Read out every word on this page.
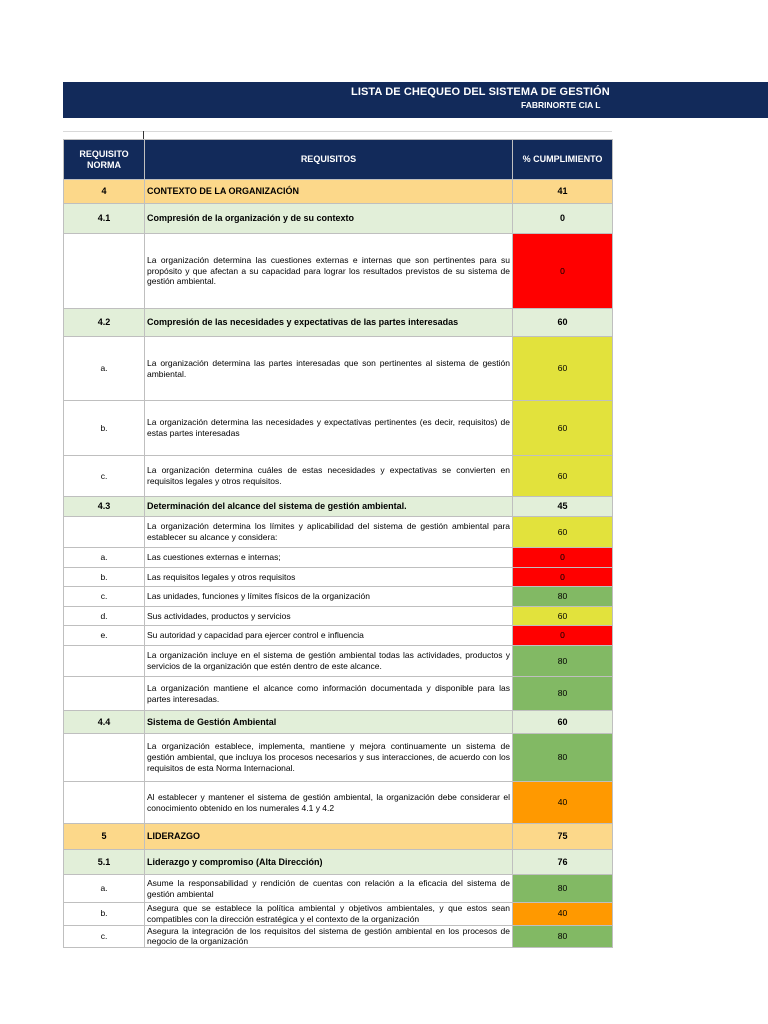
LISTA DE CHEQUEO DEL SISTEMA DE GESTIÓN
FABRINORTE CIA L
REQUISITO NORMA	REQUISITOS	% CUMPLIMIENTO
4	CONTEXTO DE LA ORGANIZACIÓN	41
4.1	Compresión de la organización y de su contexto	0
	La organización determina las cuestiones externas e internas que son pertinentes para su propósito y que afectan a su capacidad para lograr los resultados previstos de su sistema de gestión ambiental.	0
4.2	Compresión de las necesidades y expectativas de las partes interesadas	60
a.	La organización determina las partes interesadas que son pertinentes al sistema de gestión ambiental.	60
b.	La organización determina las necesidades y expectativas pertinentes (es decir, requisitos) de estas partes interesadas	60
c.	La organización determina cuáles de estas necesidades y expectativas se convierten en requisitos legales y otros requisitos.	60
4.3	Determinación del alcance del sistema de gestión ambiental.	45
	La organización determina los límites y aplicabilidad del sistema de gestión ambiental para establecer su alcance y considera:	60
a.	Las cuestiones externas e internas;	0
b.	Las requisitos legales y otros requisitos	0
c.	Las unidades, funciones y límites físicos de la organización	80
d.	Sus actividades, productos y servicios	60
e.	Su autoridad y capacidad para ejercer control e influencia	0
	La organización incluye en el sistema de gestión ambiental todas las actividades, productos y servicios de la organización que estén dentro de este alcance.	80
	La organización mantiene el alcance como información documentada y disponible para las partes interesadas.	80
4.4	Sistema de Gestión Ambiental	60
	La organización establece, implementa, mantiene y mejora continuamente un sistema de gestión ambiental, que incluya los procesos necesarios y sus interacciones, de acuerdo con los requisitos de esta Norma Internacional.	80
	Al establecer y mantener el sistema de gestión ambiental, la organización debe considerar el conocimiento obtenido en los numerales 4.1 y 4.2	40
5	LIDERAZGO	75
5.1	Liderazgo y compromiso (Alta Dirección)	76
a.	Asume la responsabilidad y rendición de cuentas con relación a la eficacia del sistema de gestión ambiental	80
b.	Asegura que se establece la política ambiental y objetivos ambientales, y que estos sean compatibles con la dirección estratégica y el contexto de la organización	40
c.	Asegura la integración de los requisitos del sistema de gestión ambiental en los procesos de negocio de la organización	80
